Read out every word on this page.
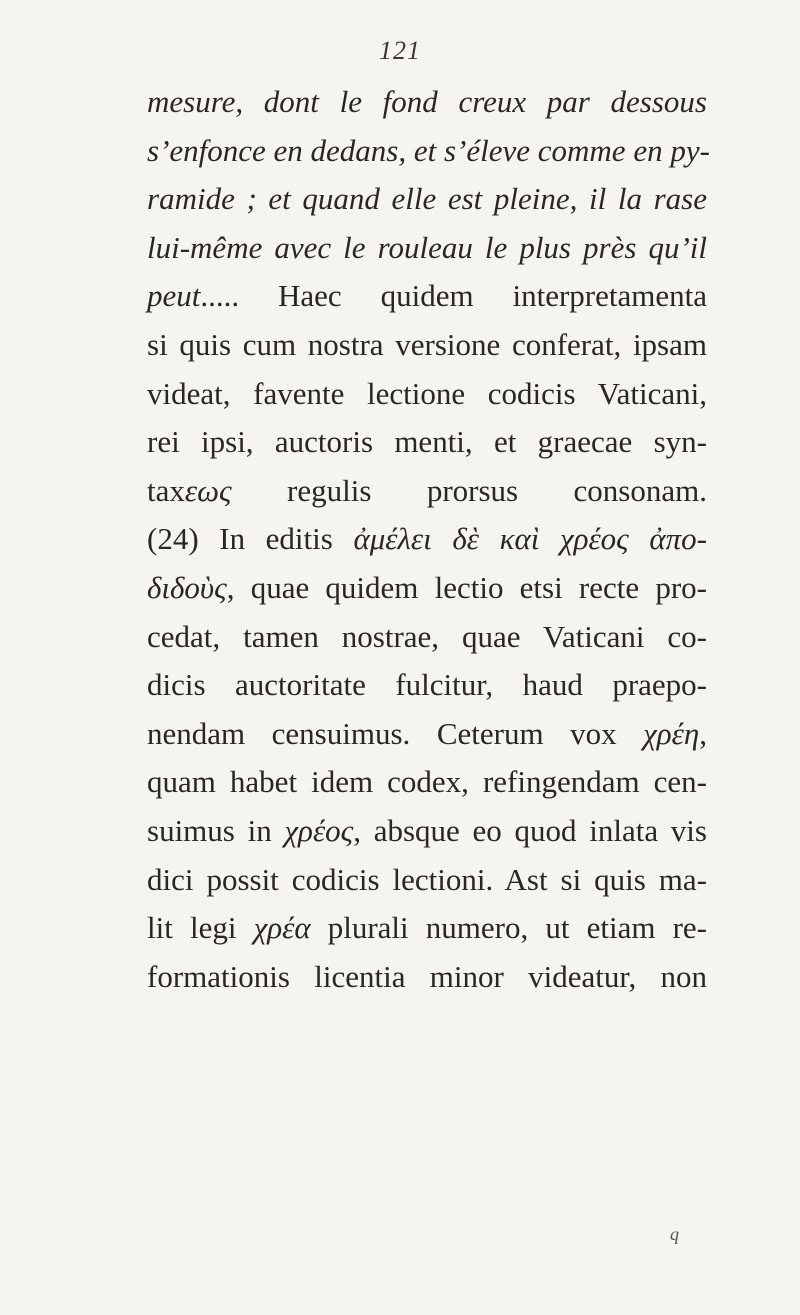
121
mesure, dont le fond creux par dessous
s’enfonce en dedans, et s’éleve comme en py-
ramide ; et quand elle est pleine, il la rase
lui-même avec le rouleau le plus près qu’il
peut..... Haec quidem interpretamenta
si quis cum nostra versione conferat, ipsam
videat, favente lectione codicis Vaticani,
rei ipsi, auctoris menti, et graecae syn-
taxεως regulis prorsus consonam.
(24) In editis ἀμέλει δὲ καὶ χρέος ἀπο-
διδοὺς, quae quidem lectio etsi recte pro-
cedat, tamen nostrae, quae Vaticani co-
dicis auctoritate fulcitur, haud praepo-
nendam censuimus. Ceterum vox χρέη,
quam habet idem codex, refingendam cen-
suimus in χρέος, absque eo quod inlata vis
dici possit codicis lectioni. Ast si quis ma-
lit legi χρέα plurali numero, ut etiam re-
formationis licentia minor videatur, non
q
